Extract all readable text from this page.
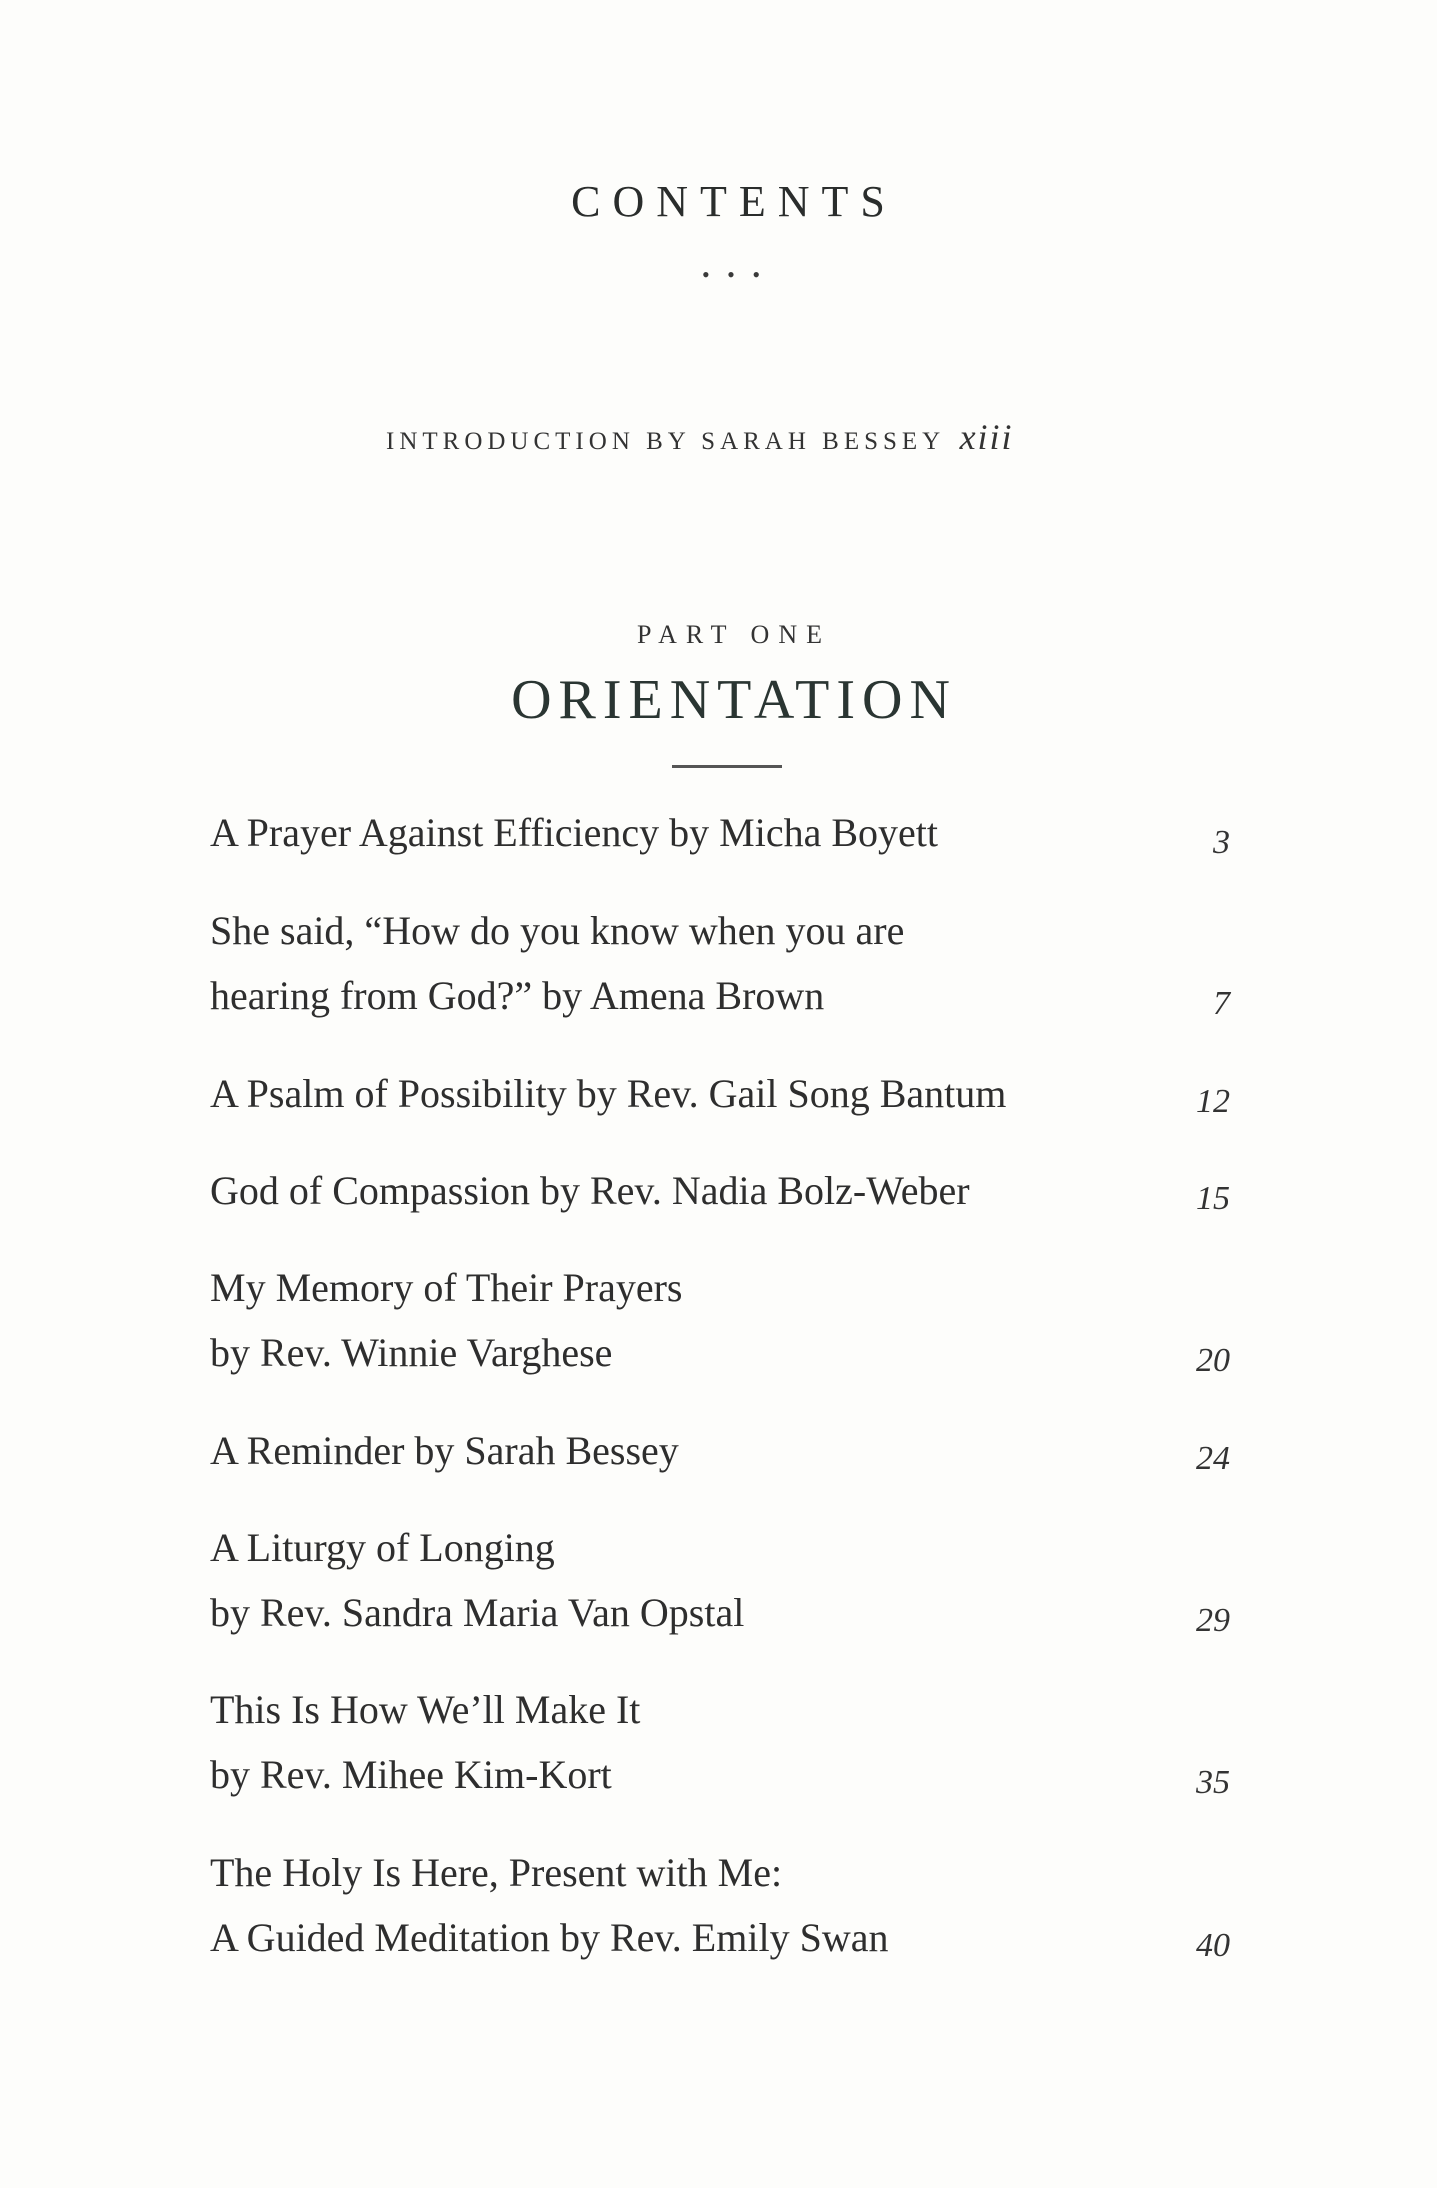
CONTENTS
• • •
INTRODUCTION BY SARAH BESSEY xiii
PART ONE
ORIENTATION
A Prayer Against Efficiency by Micha Boyett	3
She said, “How do you know when you are
hearing from God?” by Amena Brown	7
A Psalm of Possibility by Rev. Gail Song Bantum	12
God of Compassion by Rev. Nadia Bolz-Weber	15
My Memory of Their Prayers
by Rev. Winnie Varghese	20
A Reminder by Sarah Bessey	24
A Liturgy of Longing
by Rev. Sandra Maria Van Opstal	29
This Is How We’ll Make It
by Rev. Mihee Kim-Kort	35
The Holy Is Here, Present with Me:
A Guided Meditation by Rev. Emily Swan	40
